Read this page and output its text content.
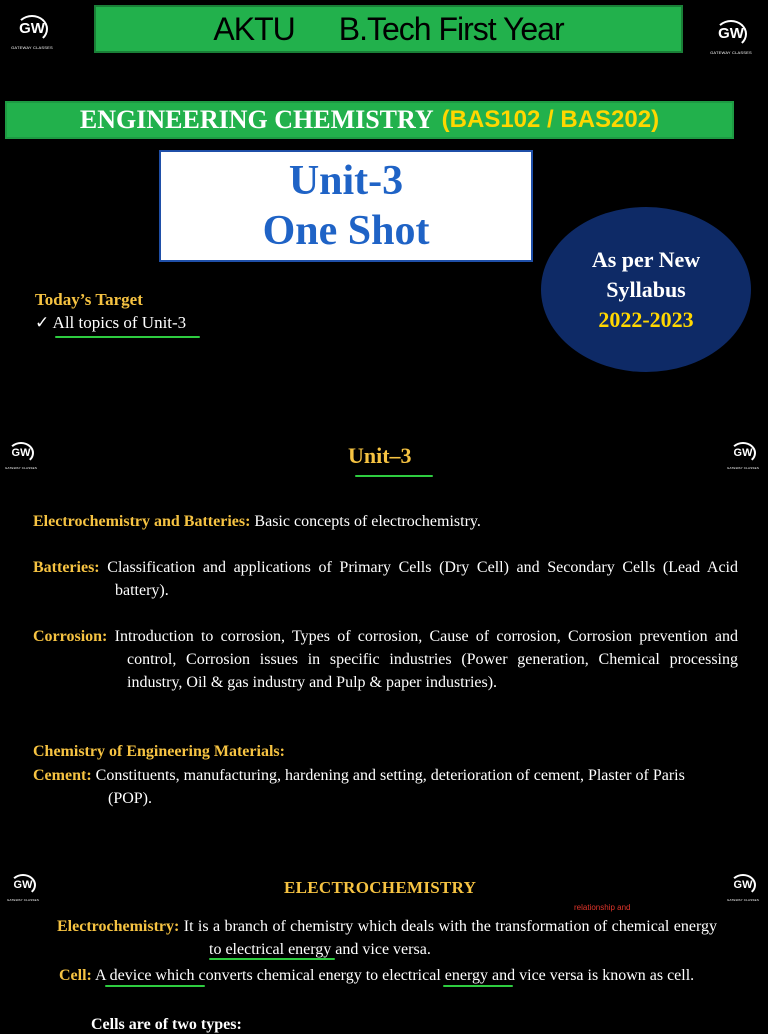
GW
GATEWAY CLASSES
GW
GATEWAY CLASSES
AKTU B.Tech First Year
ENGINEERING CHEMISTRY (BAS102 / BAS202)
Unit-3
One Shot
As per New
Syllabus
2022-2023
Today’s Target
✓ All topics of Unit-3
GW
GATEWAY CLASSES
GW
GATEWAY CLASSES
Unit–3
Electrochemistry and Batteries: Basic concepts of electrochemistry.
Batteries: Classification and applications of Primary Cells (Dry Cell) and Secondary Cells (Lead Acid battery).
Corrosion: Introduction to corrosion, Types of corrosion, Cause of corrosion, Corrosion prevention and control, Corrosion issues in specific industries (Power generation, Chemical processing industry, Oil & gas industry and Pulp & paper industries).
Chemistry of Engineering Materials:
Cement: Constituents, manufacturing, hardening and setting, deterioration of cement, Plaster of Paris (POP).
GW
GATEWAY CLASSES
GW
GATEWAY CLASSES
ELECTROCHEMISTRY
relationship and
Electrochemistry: It is a branch of chemistry which deals with the transformation of chemical energy to electrical energy and vice versa.
Cell: A device which converts chemical energy to electrical energy and vice versa is known as cell.
Cells are of two types:
